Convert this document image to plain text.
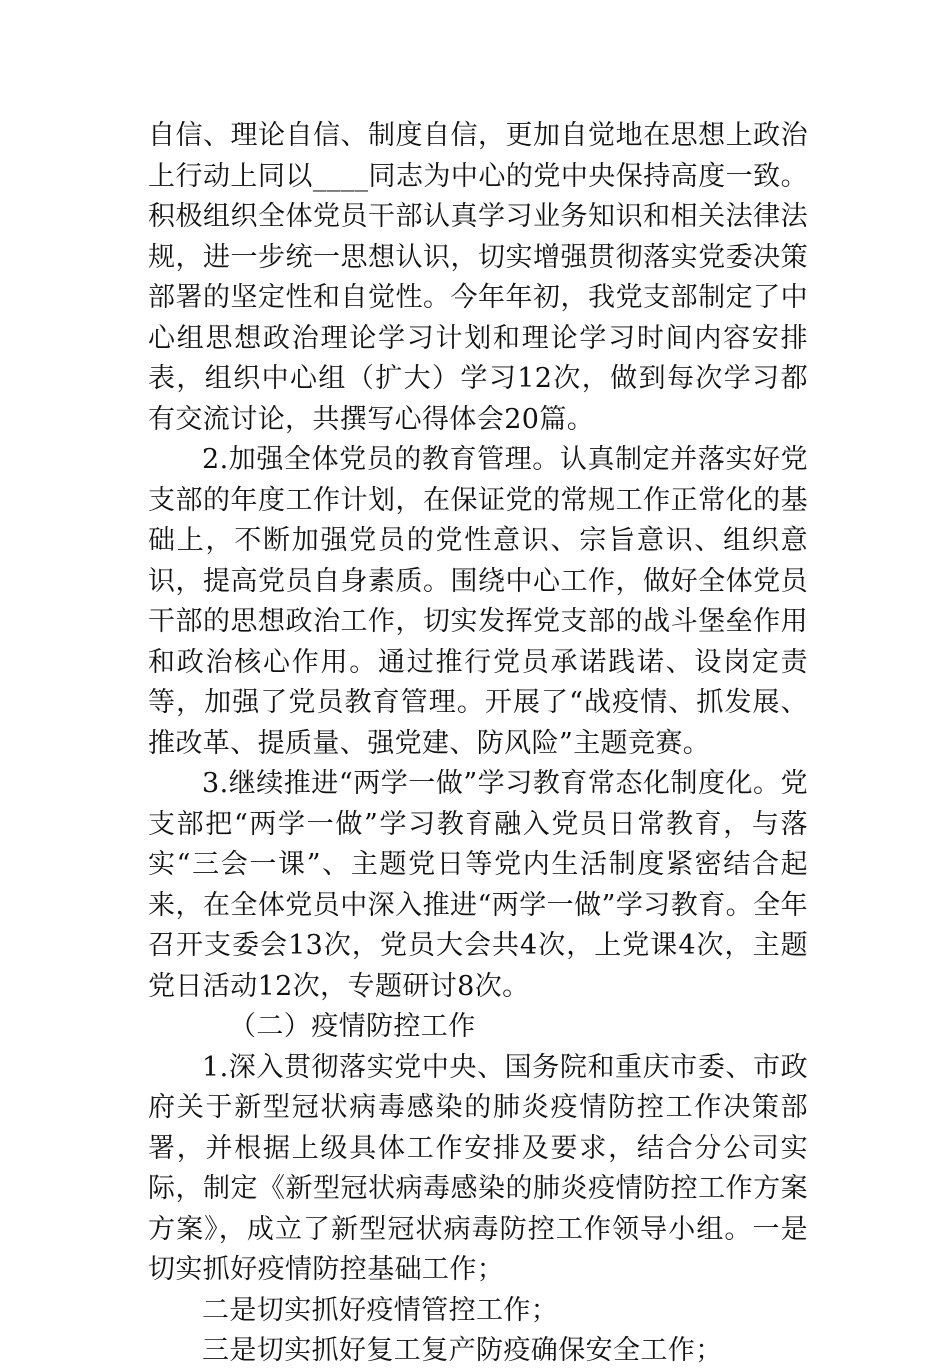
自信、理论自信、制度自信，更加自觉地在思想上政治上行动上同以____同志为中心的党中央保持高度一致。积极组织全体党员干部认真学习业务知识和相关法律法规，进一步统一思想认识，切实增强贯彻落实党委决策部署的坚定性和自觉性。今年年初，我党支部制定了中心组思想政治理论学习计划和理论学习时间内容安排表，组织中心组（扩大）学习12次，做到每次学习都有交流讨论，共撰写心得体会20篇。

2.加强全体党员的教育管理。认真制定并落实好党支部的年度工作计划，在保证党的常规工作正常化的基础上，不断加强党员的党性意识、宗旨意识、组织意识，提高党员自身素质。围绕中心工作，做好全体党员干部的思想政治工作，切实发挥党支部的战斗堡垒作用和政治核心作用。通过推行党员承诺践诺、设岗定责等，加强了党员教育管理。开展了“战疫情、抓发展、推改革、提质量、强党建、防风险”主题竞赛。

3.继续推进“两学一做”学习教育常态化制度化。党支部把“两学一做”学习教育融入党员日常教育，与落实“三会一课”、主题党日等党内生活制度紧密结合起来，在全体党员中深入推进“两学一做”学习教育。全年召开支委会13次，党员大会共4次，上党课4次，主题党日活动12次，专题研讨8次。

（二）疫情防控工作

1.深入贯彻落实党中央、国务院和重庆市委、市政府关于新型冠状病毒感染的肺炎疫情防控工作决策部署，并根据上级具体工作安排及要求，结合分公司实际，制定《新型冠状病毒感染的肺炎疫情防控工作方案方案》，成立了新型冠状病毒防控工作领导小组。一是切实抓好疫情防控基础工作；

二是切实抓好疫情管控工作；

三是切实抓好复工复产防疫确保安全工作；
